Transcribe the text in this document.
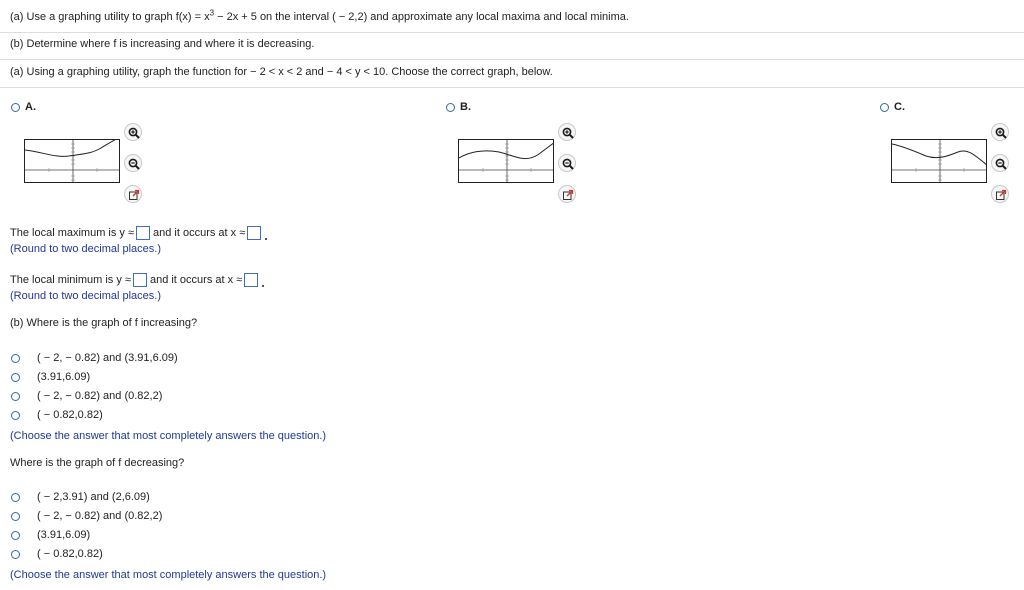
(a) Use a graphing utility to graph $f(x) = x^3 - 2x + 5$ on the interval ( − 2,2) and approximate any local maxima and local minima.
(b) Determine where f is increasing and where it is decreasing.
(a) Using a graphing utility, graph the function for − 2 < x < 2 and − 4 < y < 10. Choose the correct graph, below.
A.	B.	C.
The local maximum is y ≈ and it occurs at x ≈
(Round to two decimal places.)
The local minimum is y ≈ and it occurs at x ≈
(Round to two decimal places.)
(b) Where is the graph of f increasing?
( − 2, − 0.82) and (3.91,6.09)
(3.91,6.09)
( − 2, − 0.82) and (0.82,2)
( − 0.82,0.82)
(Choose the answer that most completely answers the question.)
Where is the graph of f decreasing?
( − 2,3.91) and (2,6.09)
( − 2, − 0.82) and (0.82,2)
(3.91,6.09)
( − 0.82,0.82)
(Choose the answer that most completely answers the question.)
